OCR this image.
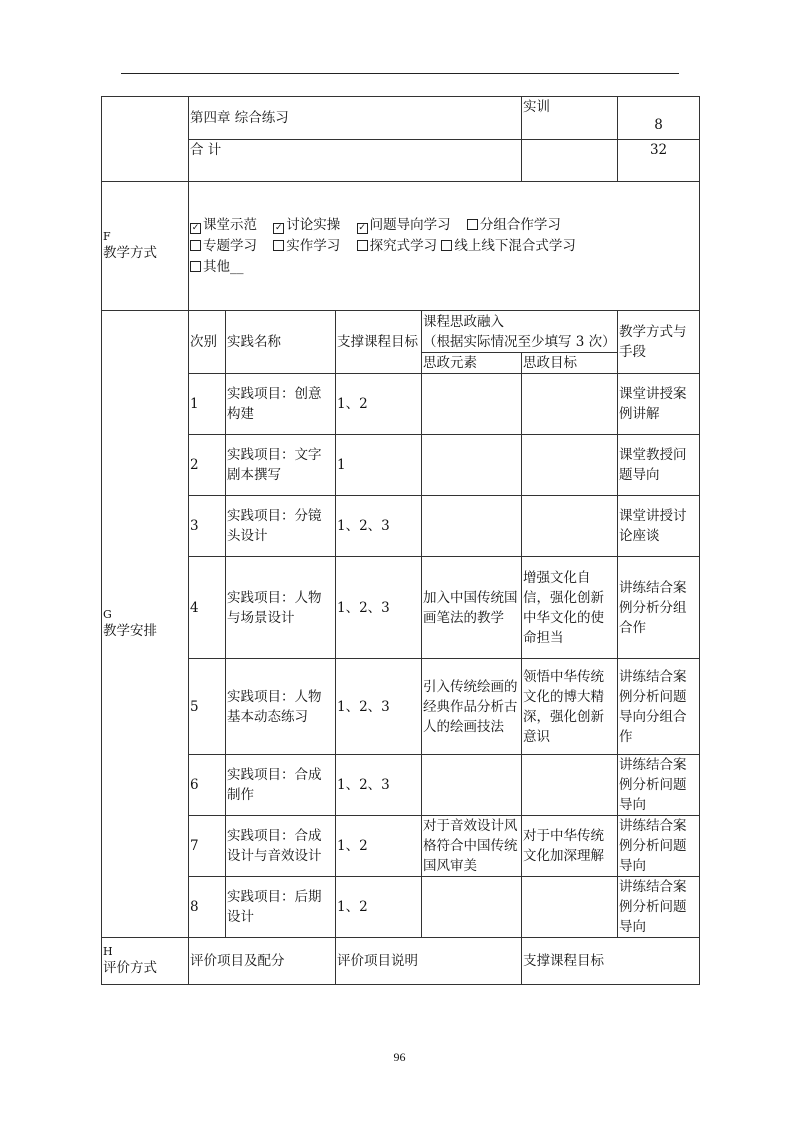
	第四章 综合练习				实训	8
	合 计					32

F
教学方式	✓ 课堂示范 ✓ 讨论实操 ✓ 问题导向学习 分组合作学习
专题学习 实作学习 探究式学习 线上线下混合式学习
其他__					

G
教学安排	次别	实践名称	支撑课程目标	课程思政融入
（根据实际情况至少填写 3 次）		教学方式与手段
				思政元素	思政目标	
	1	实践项目：创意构建	1、2			课堂讲授案例讲解
	2	实践项目：文字剧本撰写	1			课堂教授问题导向
	3	实践项目：分镜头设计	1、2、3			课堂讲授讨论座谈
	4	实践项目：人物与场景设计	1、2、3	加入中国传统国画笔法的教学	增强文化自信，强化创新中华文化的使命担当	讲练结合案例分析分组合作
	5	实践项目：人物基本动态练习	1、2、3	引入传统绘画的经典作品分析古人的绘画技法	领悟中华传统文化的博大精深，强化创新意识	讲练结合案例分析问题导向分组合作
	6	实践项目：合成制作	1、2、3			讲练结合案例分析问题导向
	7	实践项目：合成设计与音效设计	1、2	对于音效设计风格符合中国传统国风审美	对于中华传统文化加深理解	讲练结合案例分析问题导向
	8	实践项目：后期设计	1、2			讲练结合案例分析问题导向

H
评价方式	评价项目及配分		评价项目说明		支撑课程目标	
96
